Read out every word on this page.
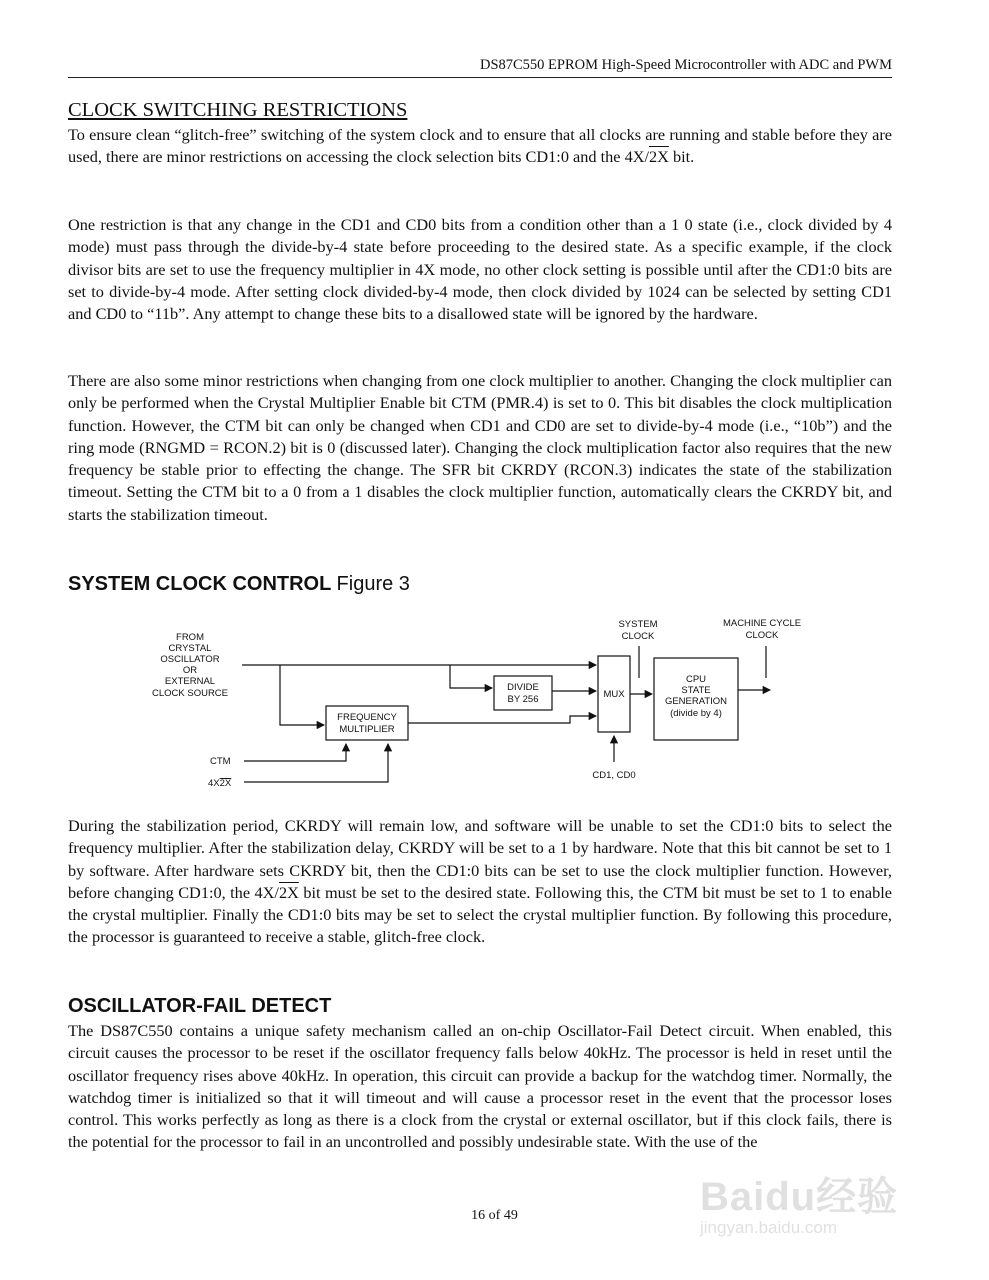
DS87C550 EPROM High-Speed Microcontroller with ADC and PWM
CLOCK SWITCHING RESTRICTIONS

To ensure clean “glitch-free” switching of the system clock and to ensure that all clocks are running and stable before they are used, there are minor restrictions on accessing the clock selection bits CD1:0 and the 4X/2X bit.

One restriction is that any change in the CD1 and CD0 bits from a condition other than a 1 0 state (i.e., clock divided by 4 mode) must pass through the divide-by-4 state before proceeding to the desired state. As a specific example, if the clock divisor bits are set to use the frequency multiplier in 4X mode, no other clock setting is possible until after the CD1:0 bits are set to divide-by-4 mode. After setting clock divided-by-4 mode, then clock divided by 1024 can be selected by setting CD1 and CD0 to “11b”. Any attempt to change these bits to a disallowed state will be ignored by the hardware.

There are also some minor restrictions when changing from one clock multiplier to another. Changing the clock multiplier can only be performed when the Crystal Multiplier Enable bit CTM (PMR.4) is set to 0. This bit disables the clock multiplication function. However, the CTM bit can only be changed when CD1 and CD0 are set to divide-by-4 mode (i.e., “10b”) and the ring mode (RNGMD = RCON.2) bit is 0 (discussed later). Changing the clock multiplication factor also requires that the new frequency be stable prior to effecting the change. The SFR bit CKRDY (RCON.3) indicates the state of the stabilization timeout. Setting the CTM bit to a 0 from a 1 disables the clock multiplier function, automatically clears the CKRDY bit, and starts the stabilization timeout.

SYSTEM CLOCK CONTROL Figure 3
FROM
CRYSTAL
OSCILLATOR
OR
EXTERNAL
CLOCK SOURCE
FREQUENCY
MULTIPLIER
DIVIDE
BY 256	MUX
CPU
STATE
GENERATION
(divide by 4)
SYSTEM
CLOCK
MACHINE CYCLE
CLOCK
CTM
4X2X
CD1, CD0

During the stabilization period, CKRDY will remain low, and software will be unable to set the CD1:0 bits to select the frequency multiplier. After the stabilization delay, CKRDY will be set to a 1 by hardware. Note that this bit cannot be set to 1 by software. After hardware sets CKRDY bit, then the CD1:0 bits can be set to use the clock multiplier function. However, before changing CD1:0, the 4X/2X bit must be set to the desired state. Following this, the CTM bit must be set to 1 to enable the crystal multiplier. Finally the CD1:0 bits may be set to select the crystal multiplier function. By following this procedure, the processor is guaranteed to receive a stable, glitch-free clock.

OSCILLATOR-FAIL DETECT

The DS87C550 contains a unique safety mechanism called an on-chip Oscillator-Fail Detect circuit. When enabled, this circuit causes the processor to be reset if the oscillator frequency falls below 40kHz. The processor is held in reset until the oscillator frequency rises above 40kHz. In operation, this circuit can provide a backup for the watchdog timer. Normally, the watchdog timer is initialized so that it will timeout and will cause a processor reset in the event that the processor loses control. This works perfectly as long as there is a clock from the crystal or external oscillator, but if this clock fails, there is the potential for the processor to fail in an uncontrolled and possibly undesirable state. With the use of the

16 of 49	Baidu经验
jingyan.baidu.com
